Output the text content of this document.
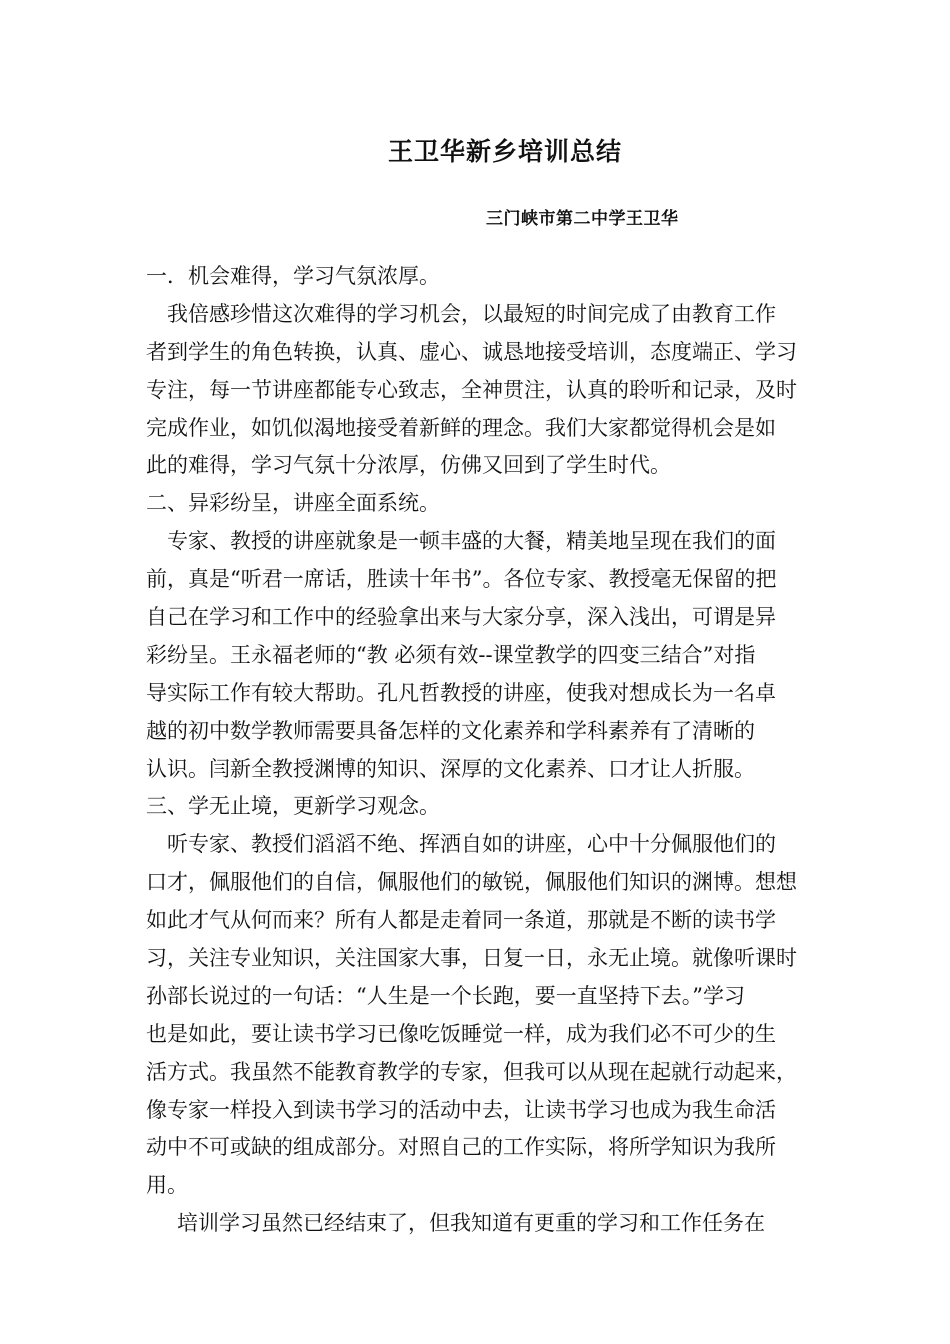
王卫华新乡培训总结
三门峡市第二中学王卫华
一．机会难得，学习气氛浓厚。
我倍感珍惜这次难得的学习机会，以最短的时间完成了由教育工作
者到学生的角色转换，认真、虚心、诚恳地接受培训，态度端正、学习
专注，每一节讲座都能专心致志，全神贯注，认真的聆听和记录，及时
完成作业，如饥似渴地接受着新鲜的理念。我们大家都觉得机会是如
此的难得，学习气氛十分浓厚，仿佛又回到了学生时代。
二、异彩纷呈，讲座全面系统。
专家、教授的讲座就象是一顿丰盛的大餐，精美地呈现在我们的面
前，真是“听君一席话，胜读十年书”。各位专家、教授毫无保留的把
自己在学习和工作中的经验拿出来与大家分享，深入浅出，可谓是异
彩纷呈。王永福老师的“教 必须有效--课堂教学的四变三结合”对指
导实际工作有较大帮助。孔凡哲教授的讲座，使我对想成长为一名卓
越的初中数学教师需要具备怎样的文化素养和学科素养有了清晰的
认识。闫新全教授渊博的知识、深厚的文化素养、口才让人折服。
三、学无止境，更新学习观念。
听专家、教授们滔滔不绝、挥洒自如的讲座，心中十分佩服他们的
口才，佩服他们的自信，佩服他们的敏锐，佩服他们知识的渊博。想想
如此才气从何而来？所有人都是走着同一条道，那就是不断的读书学
习，关注专业知识，关注国家大事，日复一日，永无止境。就像听课时
孙部长说过的一句话：“人生是一个长跑，要一直坚持下去。”学习
也是如此，要让读书学习已像吃饭睡觉一样，成为我们必不可少的生
活方式。我虽然不能教育教学的专家，但我可以从现在起就行动起来，
像专家一样投入到读书学习的活动中去，让读书学习也成为我生命活
动中不可或缺的组成部分。对照自己的工作实际，将所学知识为我所
用。
培训学习虽然已经结束了，但我知道有更重的学习和工作任务在
